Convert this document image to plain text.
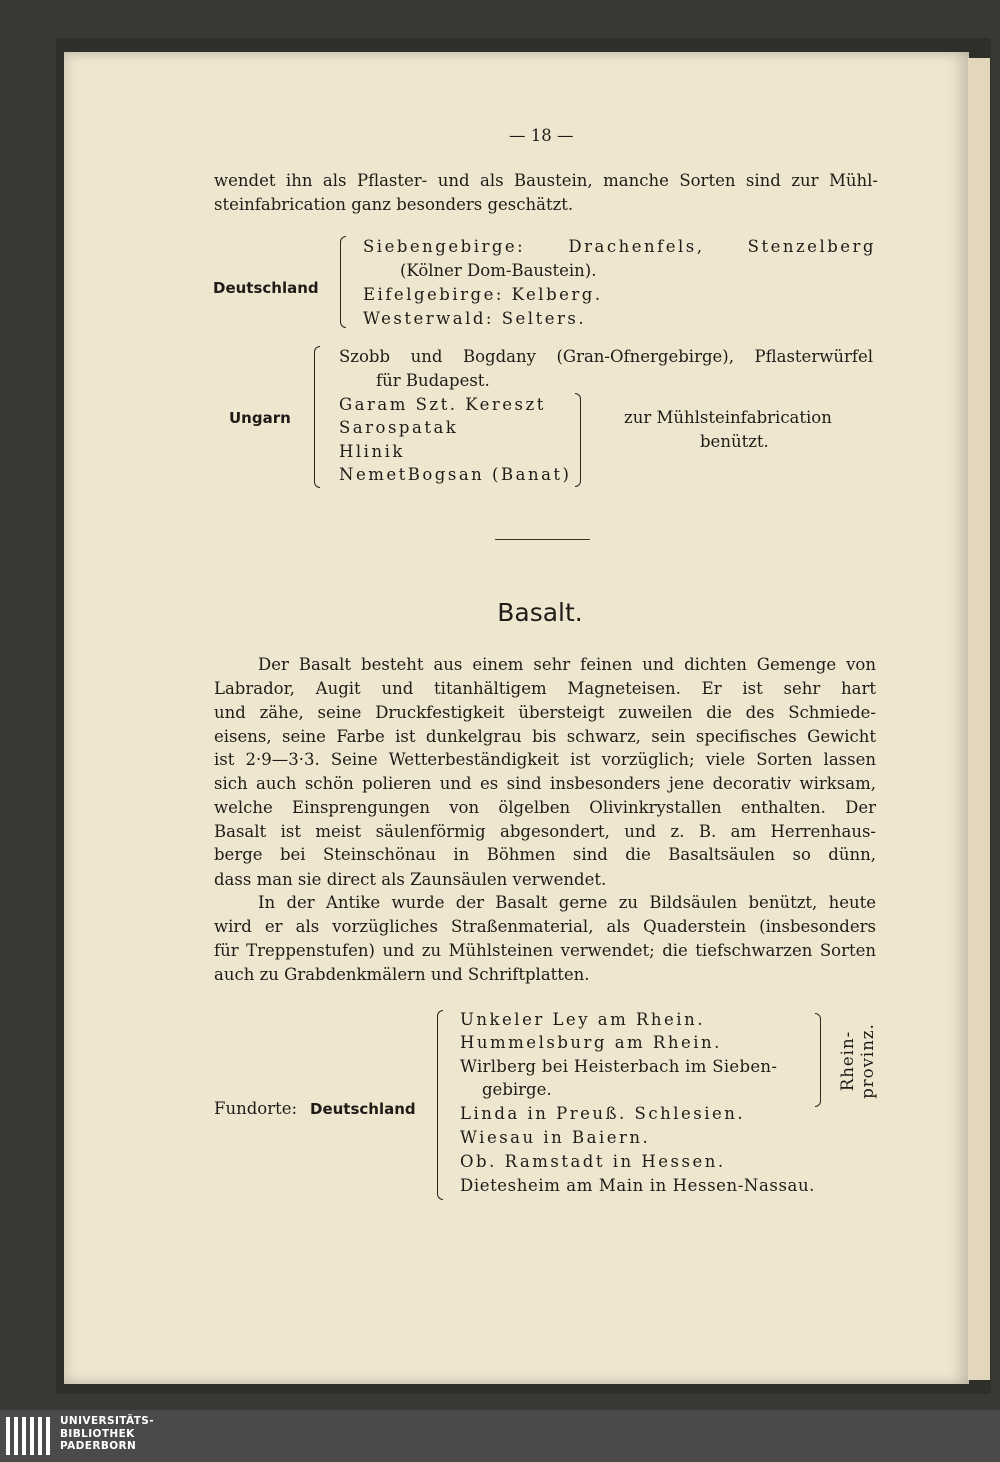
— 18 —
wendet ihn als Pflaster- und als Baustein, manche Sorten sind zur Mühl-
steinfabrication ganz besonders geschätzt.
Deutschland
Siebengebirge: Drachenfels, Stenzelberg
(Kölner Dom-Baustein).
Eifelgebirge: Kelberg.
Westerwald: Selters.
Ungarn
Szobb und Bogdany (Gran-Ofnergebirge), Pflasterwürfel
für Budapest.
Garam Szt. Kereszt
Sarospatak
Hlinik
NemetBogsan (Banat)
zur Mühlsteinfabrication
benützt.
Basalt.
Der Basalt besteht aus einem sehr feinen und dichten Gemenge von
Labrador, Augit und titanhältigem Magneteisen. Er ist sehr hart
und zähe, seine Druckfestigkeit übersteigt zuweilen die des Schmiede-
eisens, seine Farbe ist dunkelgrau bis schwarz, sein specifisches Gewicht
ist 2·9—3·3. Seine Wetterbeständigkeit ist vorzüglich; viele Sorten lassen
sich auch schön polieren und es sind insbesonders jene decorativ wirksam,
welche Einsprengungen von ölgelben Olivinkrystallen enthalten. Der
Basalt ist meist säulenförmig abgesondert, und z. B. am Herrenhaus-
berge bei Steinschönau in Böhmen sind die Basaltsäulen so dünn,
dass man sie direct als Zaunsäulen verwendet.
In der Antike wurde der Basalt gerne zu Bildsäulen benützt, heute
wird er als vorzügliches Straßenmaterial, als Quaderstein (insbesonders
für Treppenstufen) und zu Mühlsteinen verwendet; die tiefschwarzen Sorten
auch zu Grabdenkmälern und Schriftplatten.
Fundorte: Deutschland
Unkeler Ley am Rhein.
Hummelsburg am Rhein.
Wirlberg bei Heisterbach im Sieben-
gebirge.
Linda in Preuß. Schlesien.
Wiesau in Baiern.
Ob. Ramstadt in Hessen.
Dietesheim am Main in Hessen-Nassau.
Rhein-
provinz.
UNIVERSITÄTS-
BIBLIOTHEK
PADERBORN
